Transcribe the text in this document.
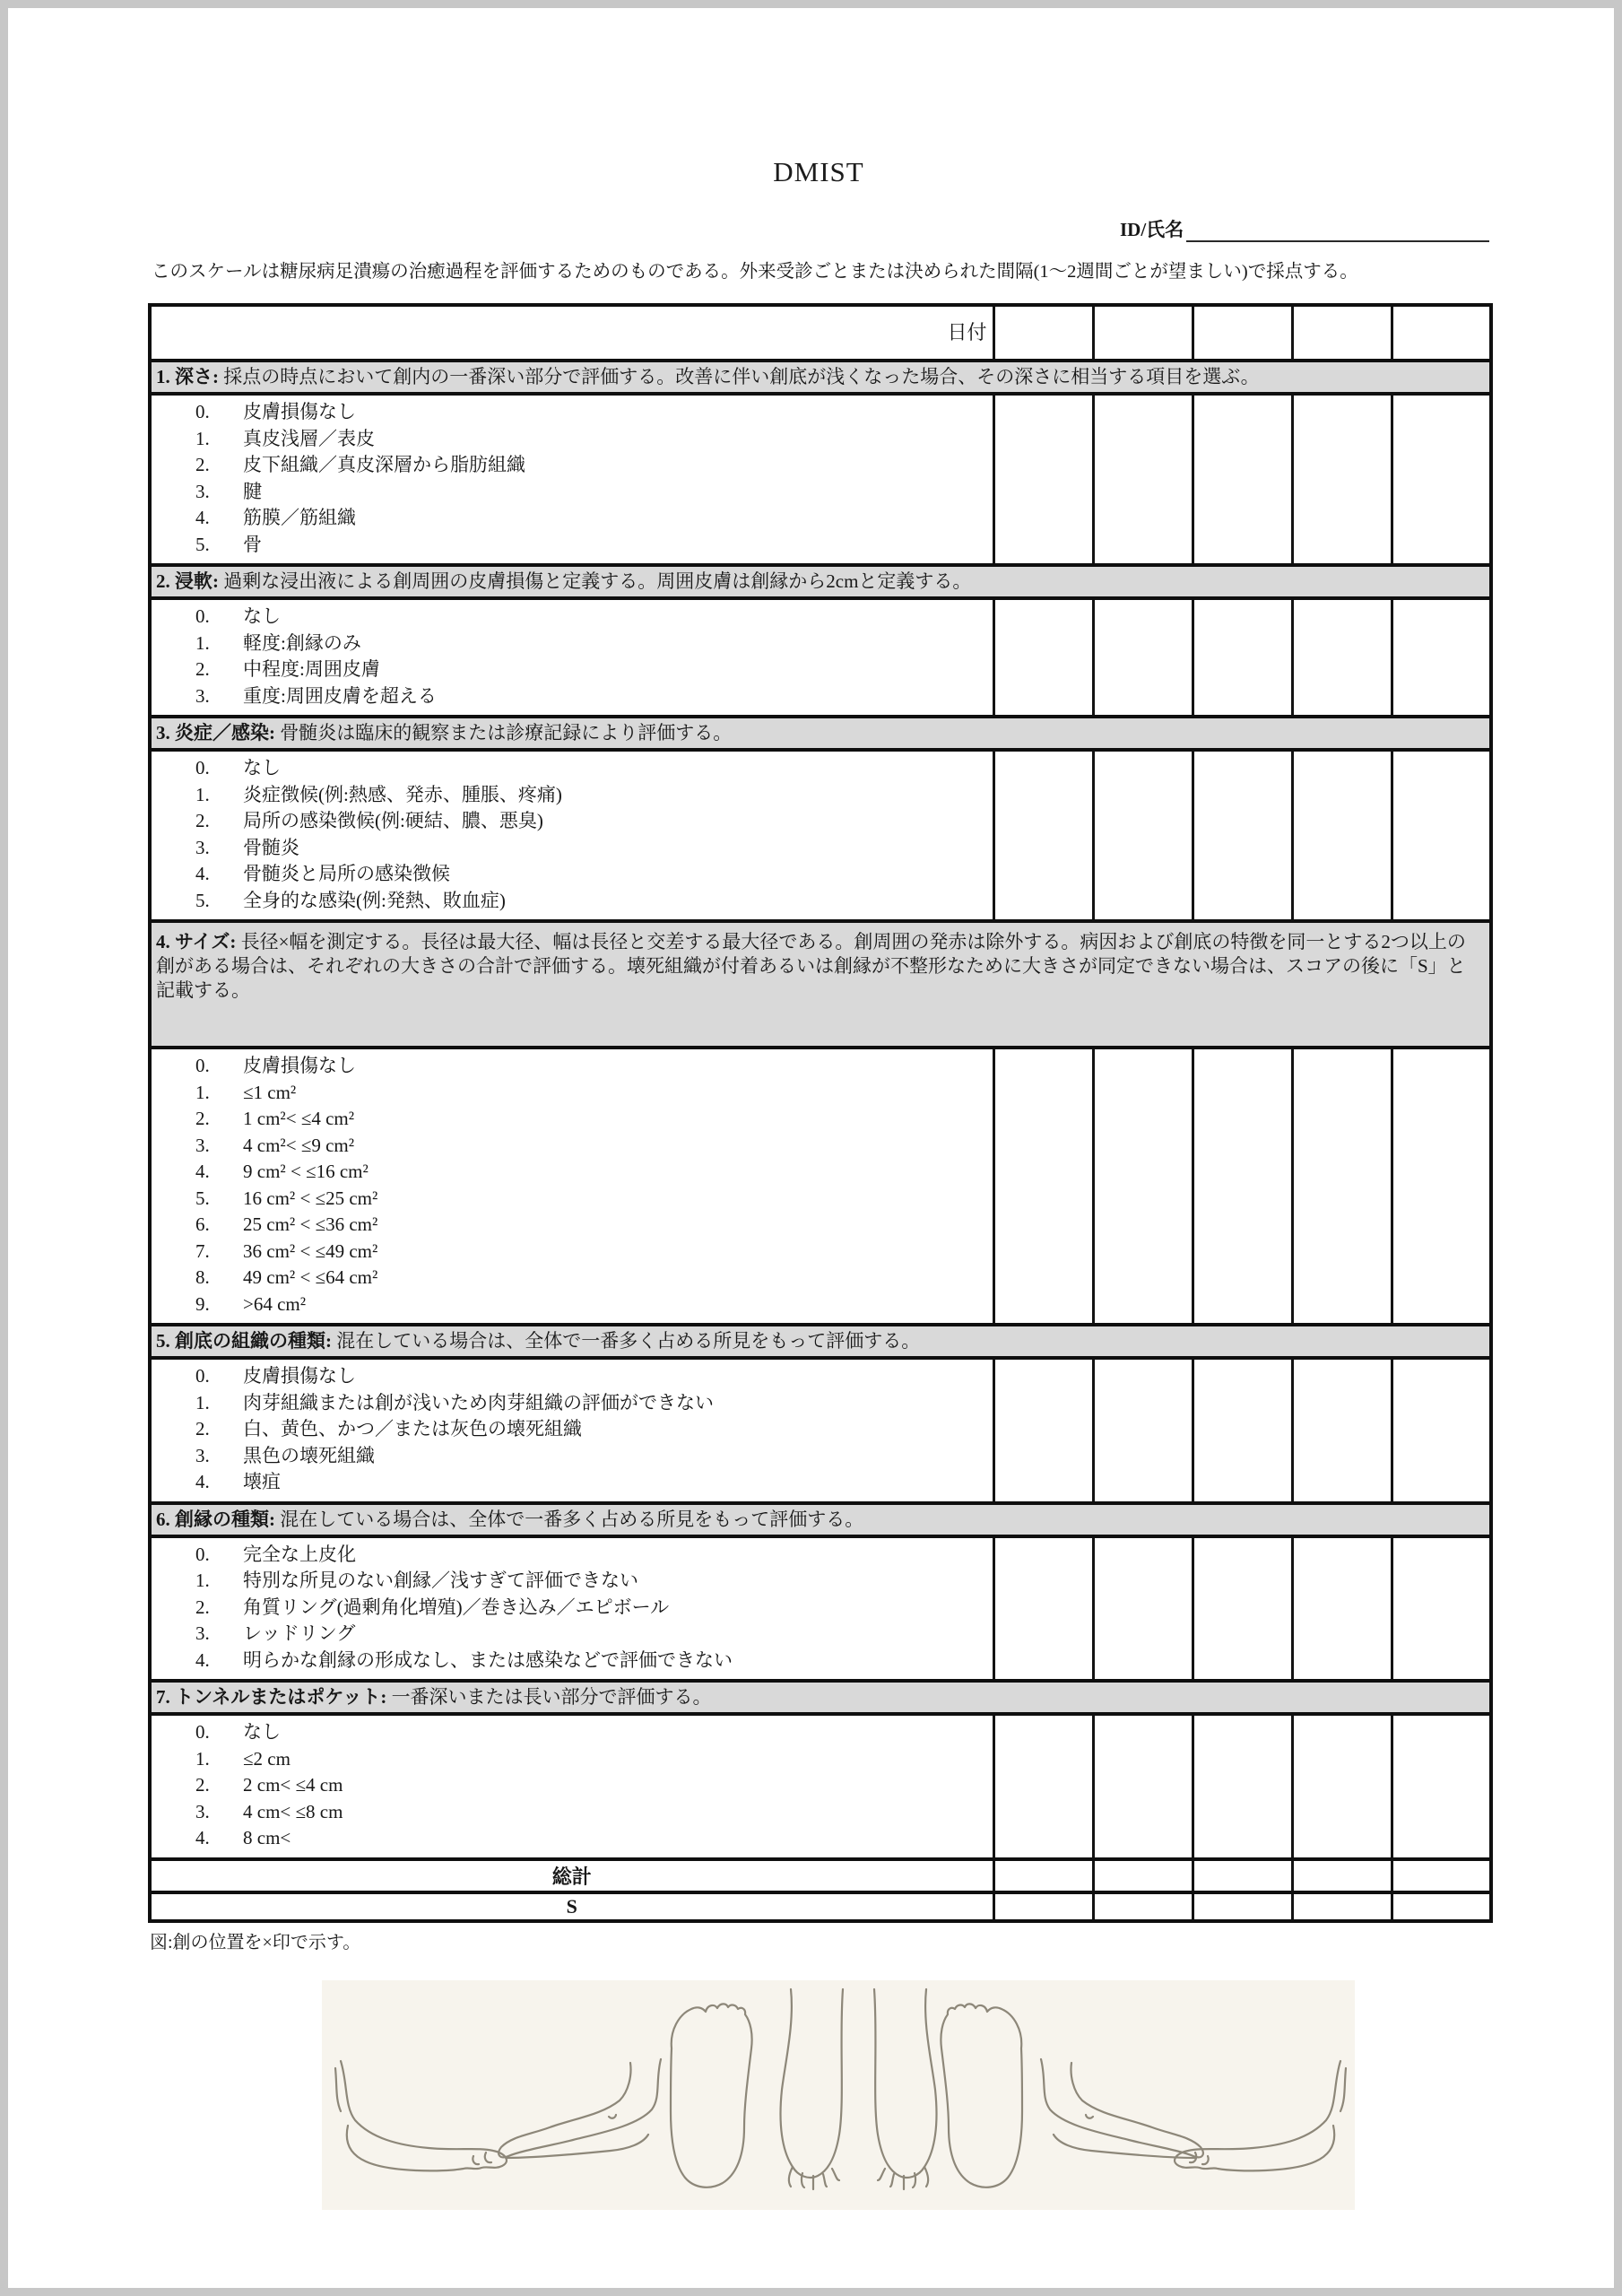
DMIST
ID/氏名
このスケールは糖尿病足潰瘍の治癒過程を評価するためのものである。外来受診ごとまたは決められた間隔(1～2週間ごとが望ましい)で採点する。
日付					
1. 深さ: 採点の時点において創内の一番深い部分で評価する。改善に伴い創底が浅くなった場合、その深さに相当する項目を選ぶ。					

0.	皮膚損傷なし
1.	真皮浅層／表皮
2.	皮下組織／真皮深層から脂肪組織
3.	腱
4.	筋膜／筋組織
5.	骨

2. 浸軟: 過剰な浸出液による創周囲の皮膚損傷と定義する。周囲皮膚は創縁から2cmと定義する。					

0.	なし
1.	軽度:創縁のみ
2.	中程度:周囲皮膚
3.	重度:周囲皮膚を超える

3. 炎症／感染: 骨髄炎は臨床的観察または診療記録により評価する。					

0.	なし
1.	炎症徴候(例:熱感、発赤、腫脹、疼痛)
2.	局所の感染徴候(例:硬結、膿、悪臭)
3.	骨髄炎
4.	骨髄炎と局所の感染徴候
5.	全身的な感染(例:発熱、敗血症)

4. サイズ: 長径×幅を測定する。長径は最大径、幅は長径と交差する最大径である。創周囲の発赤は除外する。病因および創底の特徴を同一とする2つ以上の創がある場合は、それぞれの大きさの合計で評価する。壊死組織が付着あるいは創縁が不整形なために大きさが同定できない場合は、スコアの後に「S」と記載する。					

0.	皮膚損傷なし
1.	≤1 cm²
2.	1 cm²< ≤4 cm²
3.	4 cm²< ≤9 cm²
4.	9 cm² < ≤16 cm²
5.	16 cm² < ≤25 cm²
6.	25 cm² < ≤36 cm²
7.	36 cm² < ≤49 cm²
8.	49 cm² < ≤64 cm²
9.	>64 cm²

5. 創底の組織の種類: 混在している場合は、全体で一番多く占める所見をもって評価する。					

0.	皮膚損傷なし
1.	肉芽組織または創が浅いため肉芽組織の評価ができない
2.	白、黄色、かつ／または灰色の壊死組織
3.	黒色の壊死組織
4.	壊疽

6. 創縁の種類: 混在している場合は、全体で一番多く占める所見をもって評価する。					

0.	完全な上皮化
1.	特別な所見のない創縁／浅すぎて評価できない
2.	角質リング(過剰角化増殖)／巻き込み／エピボール
3.	レッドリング
4.	明らかな創縁の形成なし、または感染などで評価できない

7. トンネルまたはポケット: 一番深いまたは長い部分で評価する。					

0.	なし
1.	≤2 cm
2.	2 cm< ≤4 cm
3.	4 cm< ≤8 cm
4.	8 cm<

総計					
S					
図:創の位置を×印で示す。
